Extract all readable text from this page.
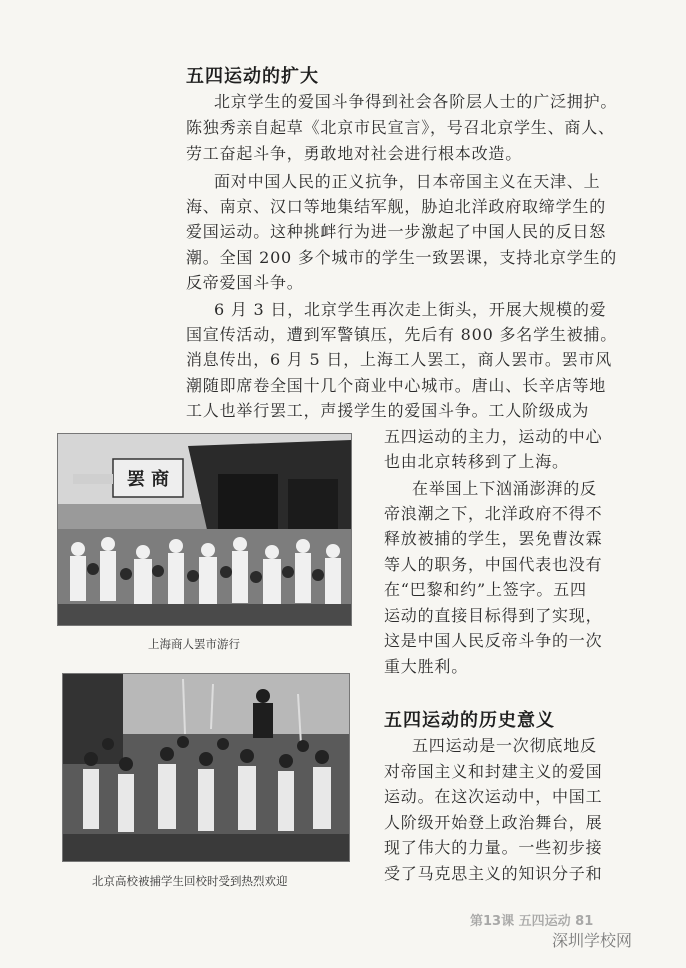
五四运动的扩大
北京学生的爱国斗争得到社会各阶层人士的广泛拥护。
陈独秀亲自起草《北京市民宣言》，号召北京学生、商人、
劳工奋起斗争，勇敢地对社会进行根本改造。
面对中国人民的正义抗争，日本帝国主义在天津、上
海、南京、汉口等地集结军舰，胁迫北洋政府取缔学生的
爱国运动。这种挑衅行为进一步激起了中国人民的反日怒
潮。全国 200 多个城市的学生一致罢课，支持北京学生的
反帝爱国斗争。
6 月 3 日，北京学生再次走上街头，开展大规模的爱
国宣传活动，遭到军警镇压，先后有 800 多名学生被捕。
消息传出，6 月 5 日，上海工人罢工，商人罢市。罢市风
潮随即席卷全国十几个商业中心城市。唐山、长辛店等地
工人也举行罢工，声援学生的爱国斗争。工人阶级成为
五四运动的主力，运动的中心
也由北京转移到了上海。
在举国上下汹涌澎湃的反
帝浪潮之下，北洋政府不得不
释放被捕的学生，罢免曹汝霖
等人的职务，中国代表也没有
在“巴黎和约”上签字。五四
运动的直接目标得到了实现，
这是中国人民反帝斗争的一次
重大胜利。
五四运动的历史意义
五四运动是一次彻底地反
对帝国主义和封建主义的爱国
运动。在这次运动中，中国工
人阶级开始登上政治舞台，展
现了伟大的力量。一些初步接
受了马克思主义的知识分子和
罢 商
上海商人罢市游行
北京高校被捕学生回校时受到热烈欢迎
第13课 五四运动 81
深圳学校网
